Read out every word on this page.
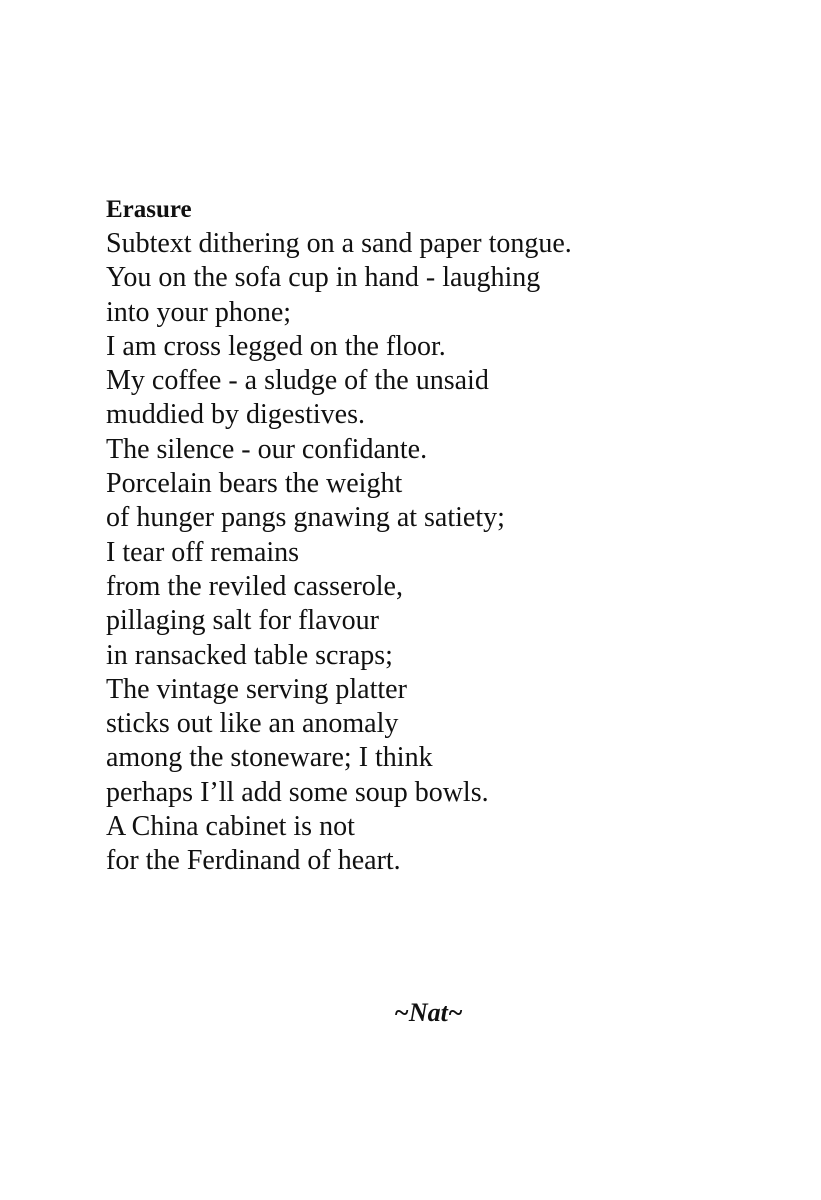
Erasure
Subtext dithering on a sand paper tongue.
You on the sofa cup in hand - laughing
into your phone;
I am cross legged on the floor.
My coffee - a sludge of the unsaid
muddied by digestives.
The silence - our confidante.
Porcelain bears the weight
of hunger pangs gnawing at satiety;
I tear off remains
from the reviled casserole,
pillaging salt for flavour
in ransacked table scraps;
The vintage serving platter
sticks out like an anomaly
among the stoneware; I think
perhaps I’ll add some soup bowls.
A China cabinet is not
for the Ferdinand of heart.
~Nat~
